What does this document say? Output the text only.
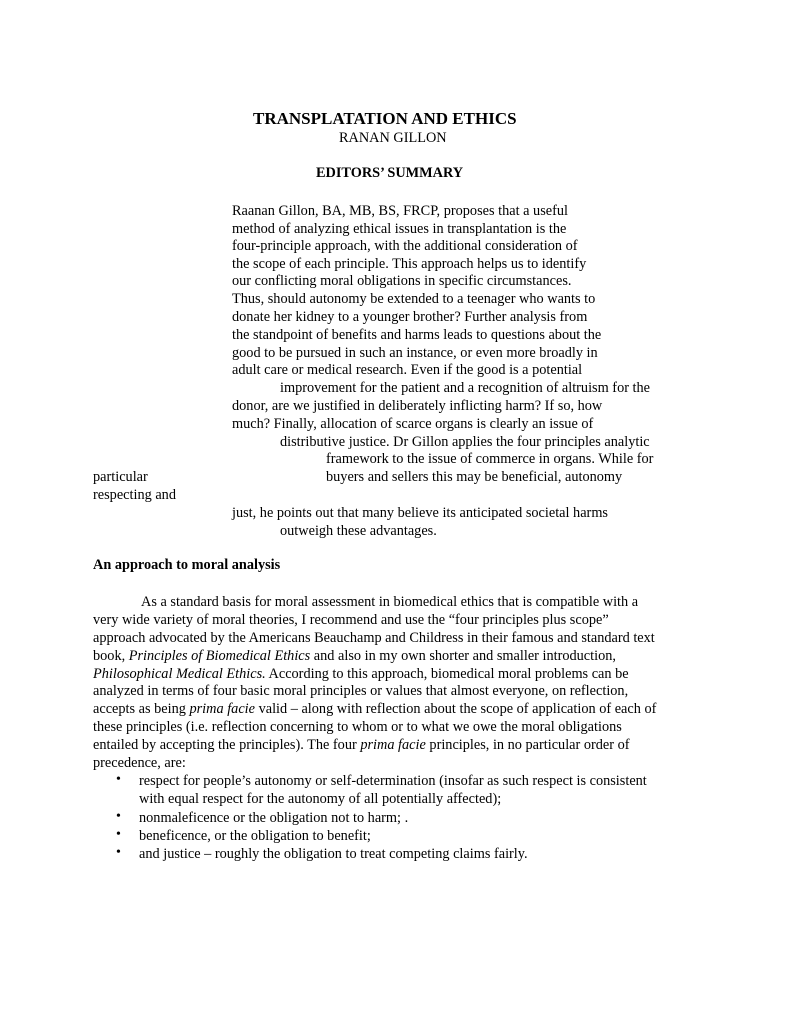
TRANSPLATATION AND ETHICS
RANAN GILLON
EDITORS’ SUMMARY
Raanan Gillon, BA, MB, BS, FRCP, proposes that a useful
method of analyzing ethical issues in transplantation is the
four-principle approach, with the additional consideration of
the scope of each principle. This approach helps us to identify
our conflicting moral obligations in specific circumstances.
Thus, should autonomy be extended to a teenager who wants to
donate her kidney to a younger brother? Further analysis from
the standpoint of benefits and harms leads to questions about the
good to be pursued in such an instance, or even more broadly in
adult care or medical research. Even if the good is a potential
improvement for the patient and a recognition of altruism for the
donor, are we justified in deliberately inflicting harm? If so, how
much? Finally, allocation of scarce organs is clearly an issue of
distributive justice. Dr Gillon applies the four principles analytic
framework to the issue of commerce in organs. While for
buyers and sellers this may be beneficial, autonomy
particular
respecting and
just, he points out that many believe its anticipated societal harms
outweigh these advantages.
An approach to moral analysis
As a standard basis for moral assessment in biomedical ethics that is compatible with a
very wide variety of moral theories, I recommend and use the “four principles plus scope”
approach advocated by the Americans Beauchamp and Childress in their famous and standard text
book, Principles of Biomedical Ethics and also in my own shorter and smaller introduction,
Philosophical Medical Ethics. According to this approach, biomedical moral problems can be
analyzed in terms of four basic moral principles or values that almost everyone, on reflection,
accepts as being prima facie valid – along with reflection about the scope of application of each of
these principles (i.e. reflection concerning to whom or to what we owe the moral obligations
entailed by accepting the principles). The four prima facie principles, in no particular order of
precedence, are:
• respect for people’s autonomy or self-determination (insofar as such respect is consistent
with equal respect for the autonomy of all potentially affected);
• nonmaleficence or the obligation not to harm; .
• beneficence, or the obligation to benefit;
• and justice – roughly the obligation to treat competing claims fairly.
